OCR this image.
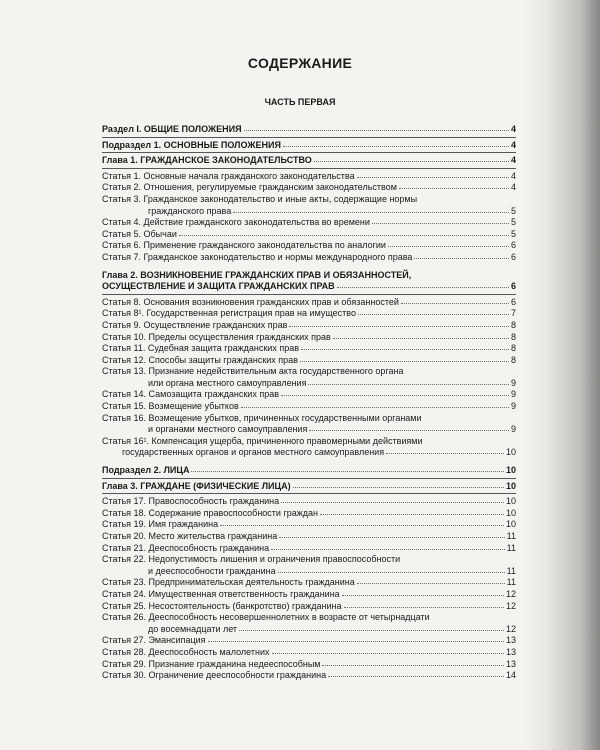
СОДЕРЖАНИЕ
ЧАСТЬ ПЕРВАЯ
Раздел I. ОБЩИЕ ПОЛОЖЕНИЯ	4
Подраздел 1. ОСНОВНЫЕ ПОЛОЖЕНИЯ	4
Глава 1. ГРАЖДАНСКОЕ ЗАКОНОДАТЕЛЬСТВО	4
Статья 1. Основные начала гражданского законодательства	4
Статья 2. Отношения, регулируемые гражданским законодательством	4
Статья 3. Гражданское законодательство и иные акты, содержащие нормы
гражданского права	5
Статья 4. Действие гражданского законодательства во времени	5
Статья 5. Обычаи	5
Статья 6. Применение гражданского законодательства по аналогии	6
Статья 7. Гражданское законодательство и нормы международного права	6
Глава 2. ВОЗНИКНОВЕНИЕ ГРАЖДАНСКИХ ПРАВ И ОБЯЗАННОСТЕЙ,
ОСУЩЕСТВЛЕНИЕ И ЗАЩИТА ГРАЖДАНСКИХ ПРАВ	6
Статья 8. Основания возникновения гражданских прав и обязанностей	6
Статья 8¹. Государственная регистрация прав на имущество	7
Статья 9. Осуществление гражданских прав	8
Статья 10. Пределы осуществления гражданских прав	8
Статья 11. Судебная защита гражданских прав	8
Статья 12. Способы защиты гражданских прав	8
Статья 13. Признание недействительным акта государственного органа
или органа местного самоуправления	9
Статья 14. Самозащита гражданских прав	9
Статья 15. Возмещение убытков	9
Статья 16. Возмещение убытков, причиненных государственными органами
и органами местного самоуправления	9
Статья 16¹. Компенсация ущерба, причиненного правомерными действиями
государственных органов и органов местного самоуправления	10
Подраздел 2. ЛИЦА	10
Глава 3. ГРАЖДАНЕ (ФИЗИЧЕСКИЕ ЛИЦА)	10
Статья 17. Правоспособность гражданина	10
Статья 18. Содержание правоспособности граждан	10
Статья 19. Имя гражданина	10
Статья 20. Место жительства гражданина	11
Статья 21. Дееспособность гражданина	11
Статья 22. Недопустимость лишения и ограничения правоспособности
и дееспособности гражданина	11
Статья 23. Предпринимательская деятельность гражданина	11
Статья 24. Имущественная ответственность гражданина	12
Статья 25. Несостоятельность (банкротство) гражданина	12
Статья 26. Дееспособность несовершеннолетних в возрасте от четырнадцати
до восемнадцати лет	12
Статья 27. Эмансипация	13
Статья 28. Дееспособность малолетних	13
Статья 29. Признание гражданина недееспособным	13
Статья 30. Ограничение дееспособности гражданина	14
